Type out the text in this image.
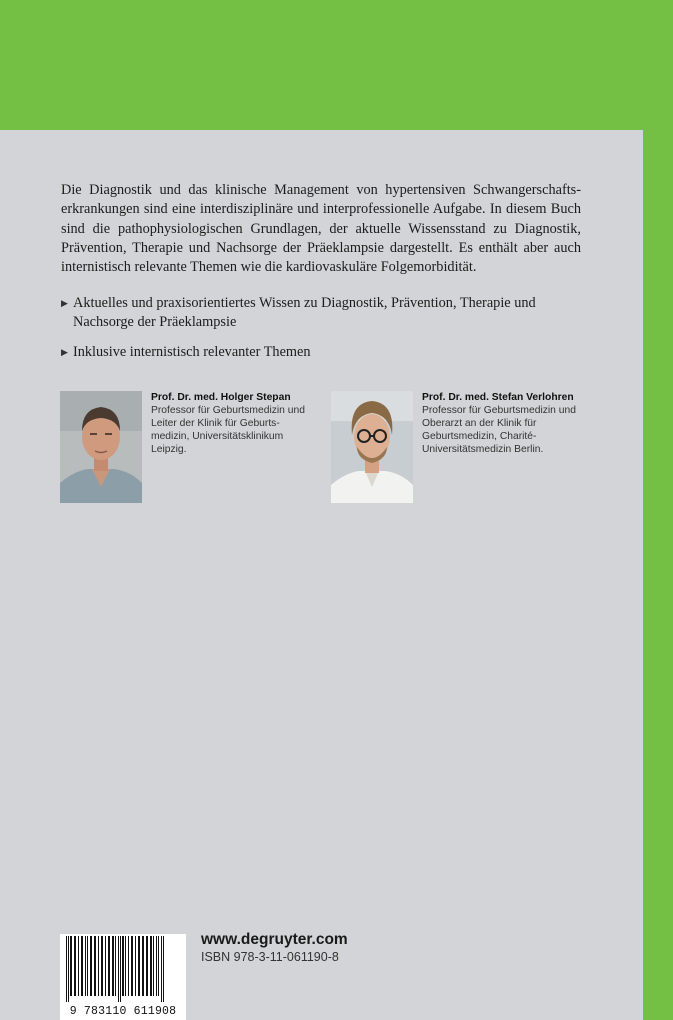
Die Diagnostik und das klinische Management von hypertensiven Schwangerschafts-erkrankungen sind eine interdisziplinäre und interprofessionelle Aufgabe. In diesem Buch sind die pathophysiologischen Grundlagen, der aktuelle Wissensstand zu Diagnostik, Prävention, Therapie und Nachsorge der Präeklampsie dargestellt. Es enthält aber auch internistisch relevante Themen wie die kardiovaskuläre Folgemorbidität.

▶ Aktuelles und praxisorientiertes Wissen zu Diagnostik, Prävention, Therapie und Nachsorge der Präeklampsie
▶ Inklusive internistisch relevanter Themen
Prof. Dr. med. Holger Stepan
Professor für Geburtsmedizin und Leiter der Klinik für Geburts-medizin, Universitätsklinikum Leipzig.
Prof. Dr. med. Stefan Verlohren
Professor für Geburtsmedizin und Oberarzt an der Klinik für Geburtsmedizin, Charité-Universitätsmedizin Berlin.
9 783110 611908
www.degruyter.com
ISBN 978-3-11-061190-8
